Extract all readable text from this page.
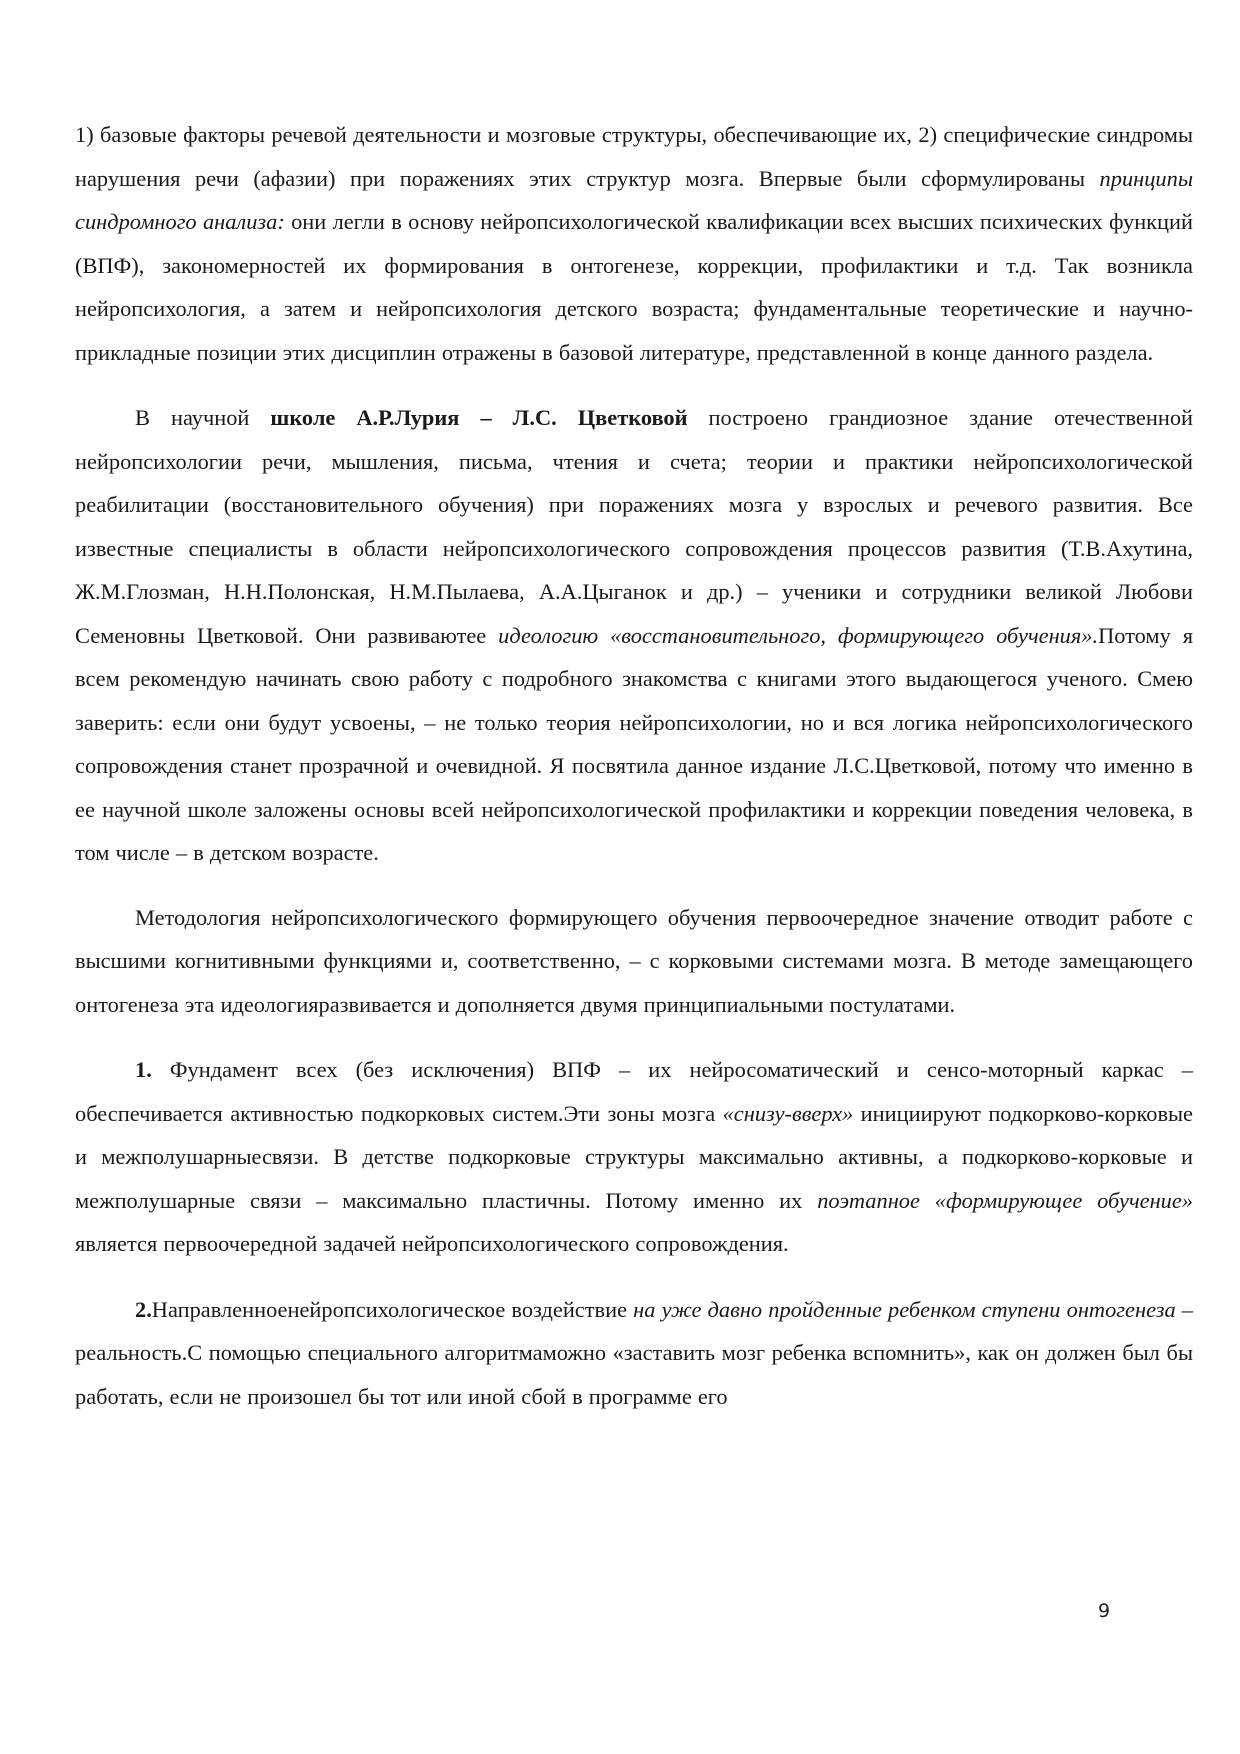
1) базовые факторы речевой деятельности и мозговые структуры, обеспечивающие их, 2) специфические синдромы нарушения речи (афазии) при поражениях этих структур мозга. Впервые были сформулированы принципы синдромного анализа: они легли в основу нейропсихологической квалификации всех высших психических функций (ВПФ), закономерностей их формирования в онтогенезе, коррекции, профилактики и т.д. Так возникла нейропсихология, а затем и нейропсихология детского возраста; фундаментальные теоретические и научно-прикладные позиции этих дисциплин отражены в базовой литературе, представленной в конце данного раздела.

В научной школе А.Р.Лурия – Л.С. Цветковой построено грандиозное здание отечественной нейропсихологии речи, мышления, письма, чтения и счета; теории и практики нейропсихологической реабилитации (восстановительного обучения) при поражениях мозга у взрослых и речевого развития. Все известные специалисты в области нейропсихологического сопровождения процессов развития (Т.В.Ахутина, Ж.М.Глозман, Н.Н.Полонская, Н.М.Пылаева, А.А.Цыганок и др.) – ученики и сотрудники великой Любови Семеновны Цветковой. Они развиваютее идеологию «восстановительного, формирующего обучения».Потому я всем рекомендую начинать свою работу с подробного знакомства с книгами этого выдающегося ученого. Смею заверить: если они будут усвоены, – не только теория нейропсихологии, но и вся логика нейропсихологического сопровождения станет прозрачной и очевидной. Я посвятила данное издание Л.С.Цветковой, потому что именно в ее научной школе заложены основы всей нейропсихологической профилактики и коррекции поведения человека, в том числе – в детском возрасте.

Методология нейропсихологического формирующего обучения первоочередное значение отводит работе с высшими когнитивными функциями и, соответственно, – с корковыми системами мозга. В методе замещающего онтогенеза эта идеологияразвивается и дополняется двумя принципиальными постулатами.

1. Фундамент всех (без исключения) ВПФ – их нейросоматический и сенсо-моторный каркас – обеспечивается активностью подкорковых систем.Эти зоны мозга «снизу-вверх» инициируют подкорково-корковые и межполушарныесвязи. В детстве подкорковые структуры максимально активны, а подкорково-корковые и межполушарные связи – максимально пластичны. Потому именно их поэтапное «формирующее обучение» является первоочередной задачей нейропсихологического сопровождения.

2.Направленноенейропсихологическое воздействие на уже давно пройденные ребенком ступени онтогенеза – реальность.С помощью специального алгоритмаможно «заставить мозг ребенка вспомнить», как он должен был бы работать, если не произошел бы тот или иной сбой в программе его

9
